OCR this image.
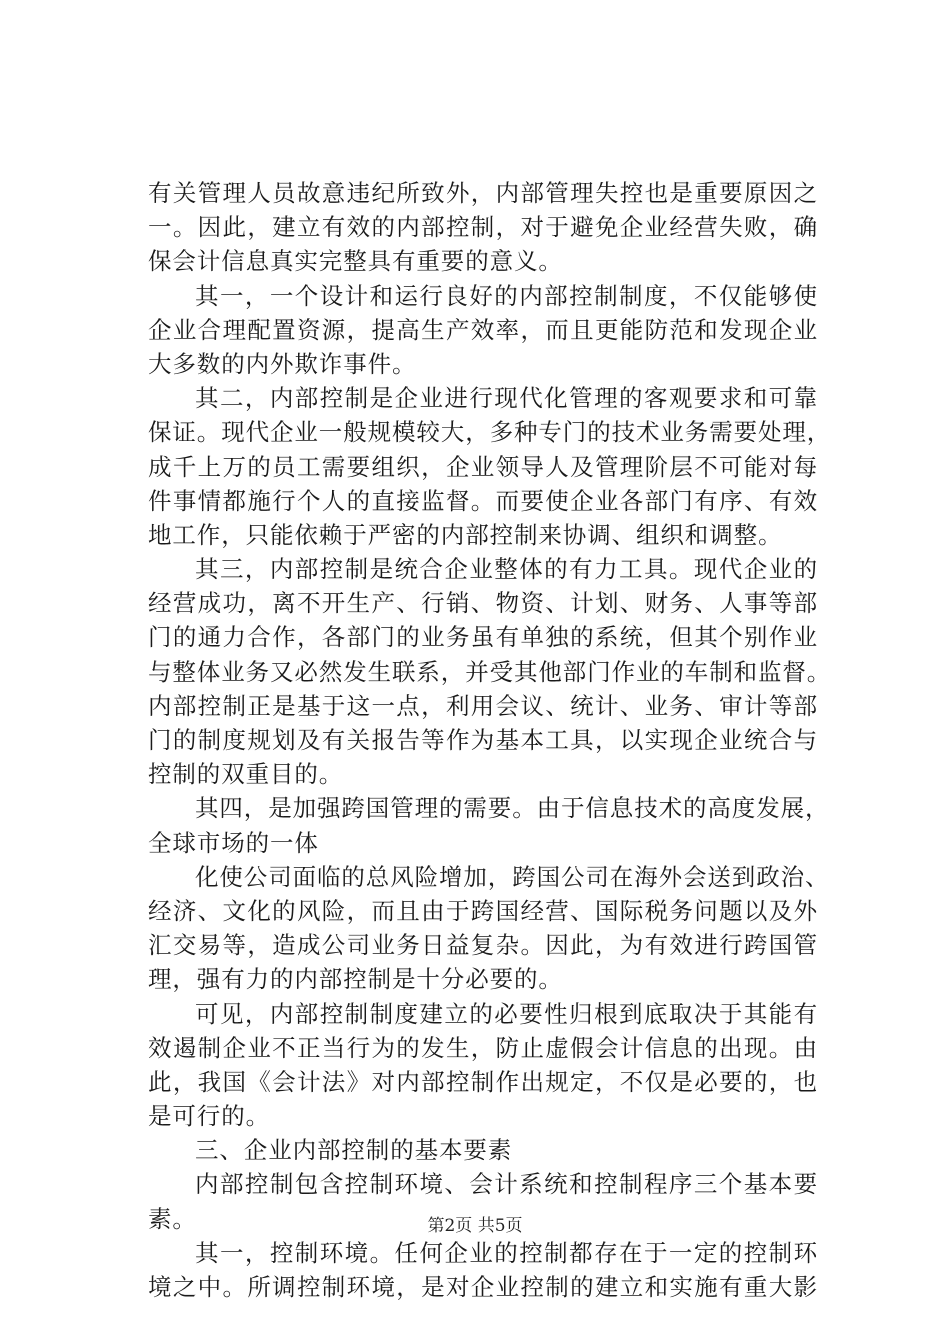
有关管理人员故意违纪所致外，内部管理失控也是重要原因之
一。因此，建立有效的内部控制，对于避免企业经营失败，确
保会计信息真实完整具有重要的意义。
其一，一个设计和运行良好的内部控制制度，不仅能够使
企业合理配置资源，提高生产效率，而且更能防范和发现企业
大多数的内外欺诈事件。
其二，内部控制是企业进行现代化管理的客观要求和可靠
保证。现代企业一般规模较大，多种专门的技术业务需要处理，
成千上万的员工需要组织，企业领导人及管理阶层不可能对每
件事情都施行个人的直接监督。而要使企业各部门有序、有效
地工作，只能依赖于严密的内部控制来协调、组织和调整。
其三，内部控制是统合企业整体的有力工具。现代企业的
经营成功，离不开生产、行销、物资、计划、财务、人事等部
门的通力合作，各部门的业务虽有单独的系统，但其个别作业
与整体业务又必然发生联系，并受其他部门作业的车制和监督。
内部控制正是基于这一点，利用会议、统计、业务、审计等部
门的制度规划及有关报告等作为基本工具，以实现企业统合与
控制的双重目的。
其四，是加强跨国管理的需要。由于信息技术的高度发展，
全球市场的一体
化使公司面临的总风险增加，跨国公司在海外会送到政治、
经济、文化的风险，而且由于跨国经营、国际税务问题以及外
汇交易等，造成公司业务日益复杂。因此，为有效进行跨国管
理，强有力的内部控制是十分必要的。
可见，内部控制制度建立的必要性归根到底取决于其能有
效遏制企业不正当行为的发生，防止虚假会计信息的出现。由
此，我国《会计法》对内部控制作出规定，不仅是必要的，也
是可行的。
三、企业内部控制的基本要素
内部控制包含控制环境、会计系统和控制程序三个基本要
素。
其一，控制环境。任何企业的控制都存在于一定的控制环
境之中。所调控制环境，是对企业控制的建立和实施有重大影
第2页 共5页
